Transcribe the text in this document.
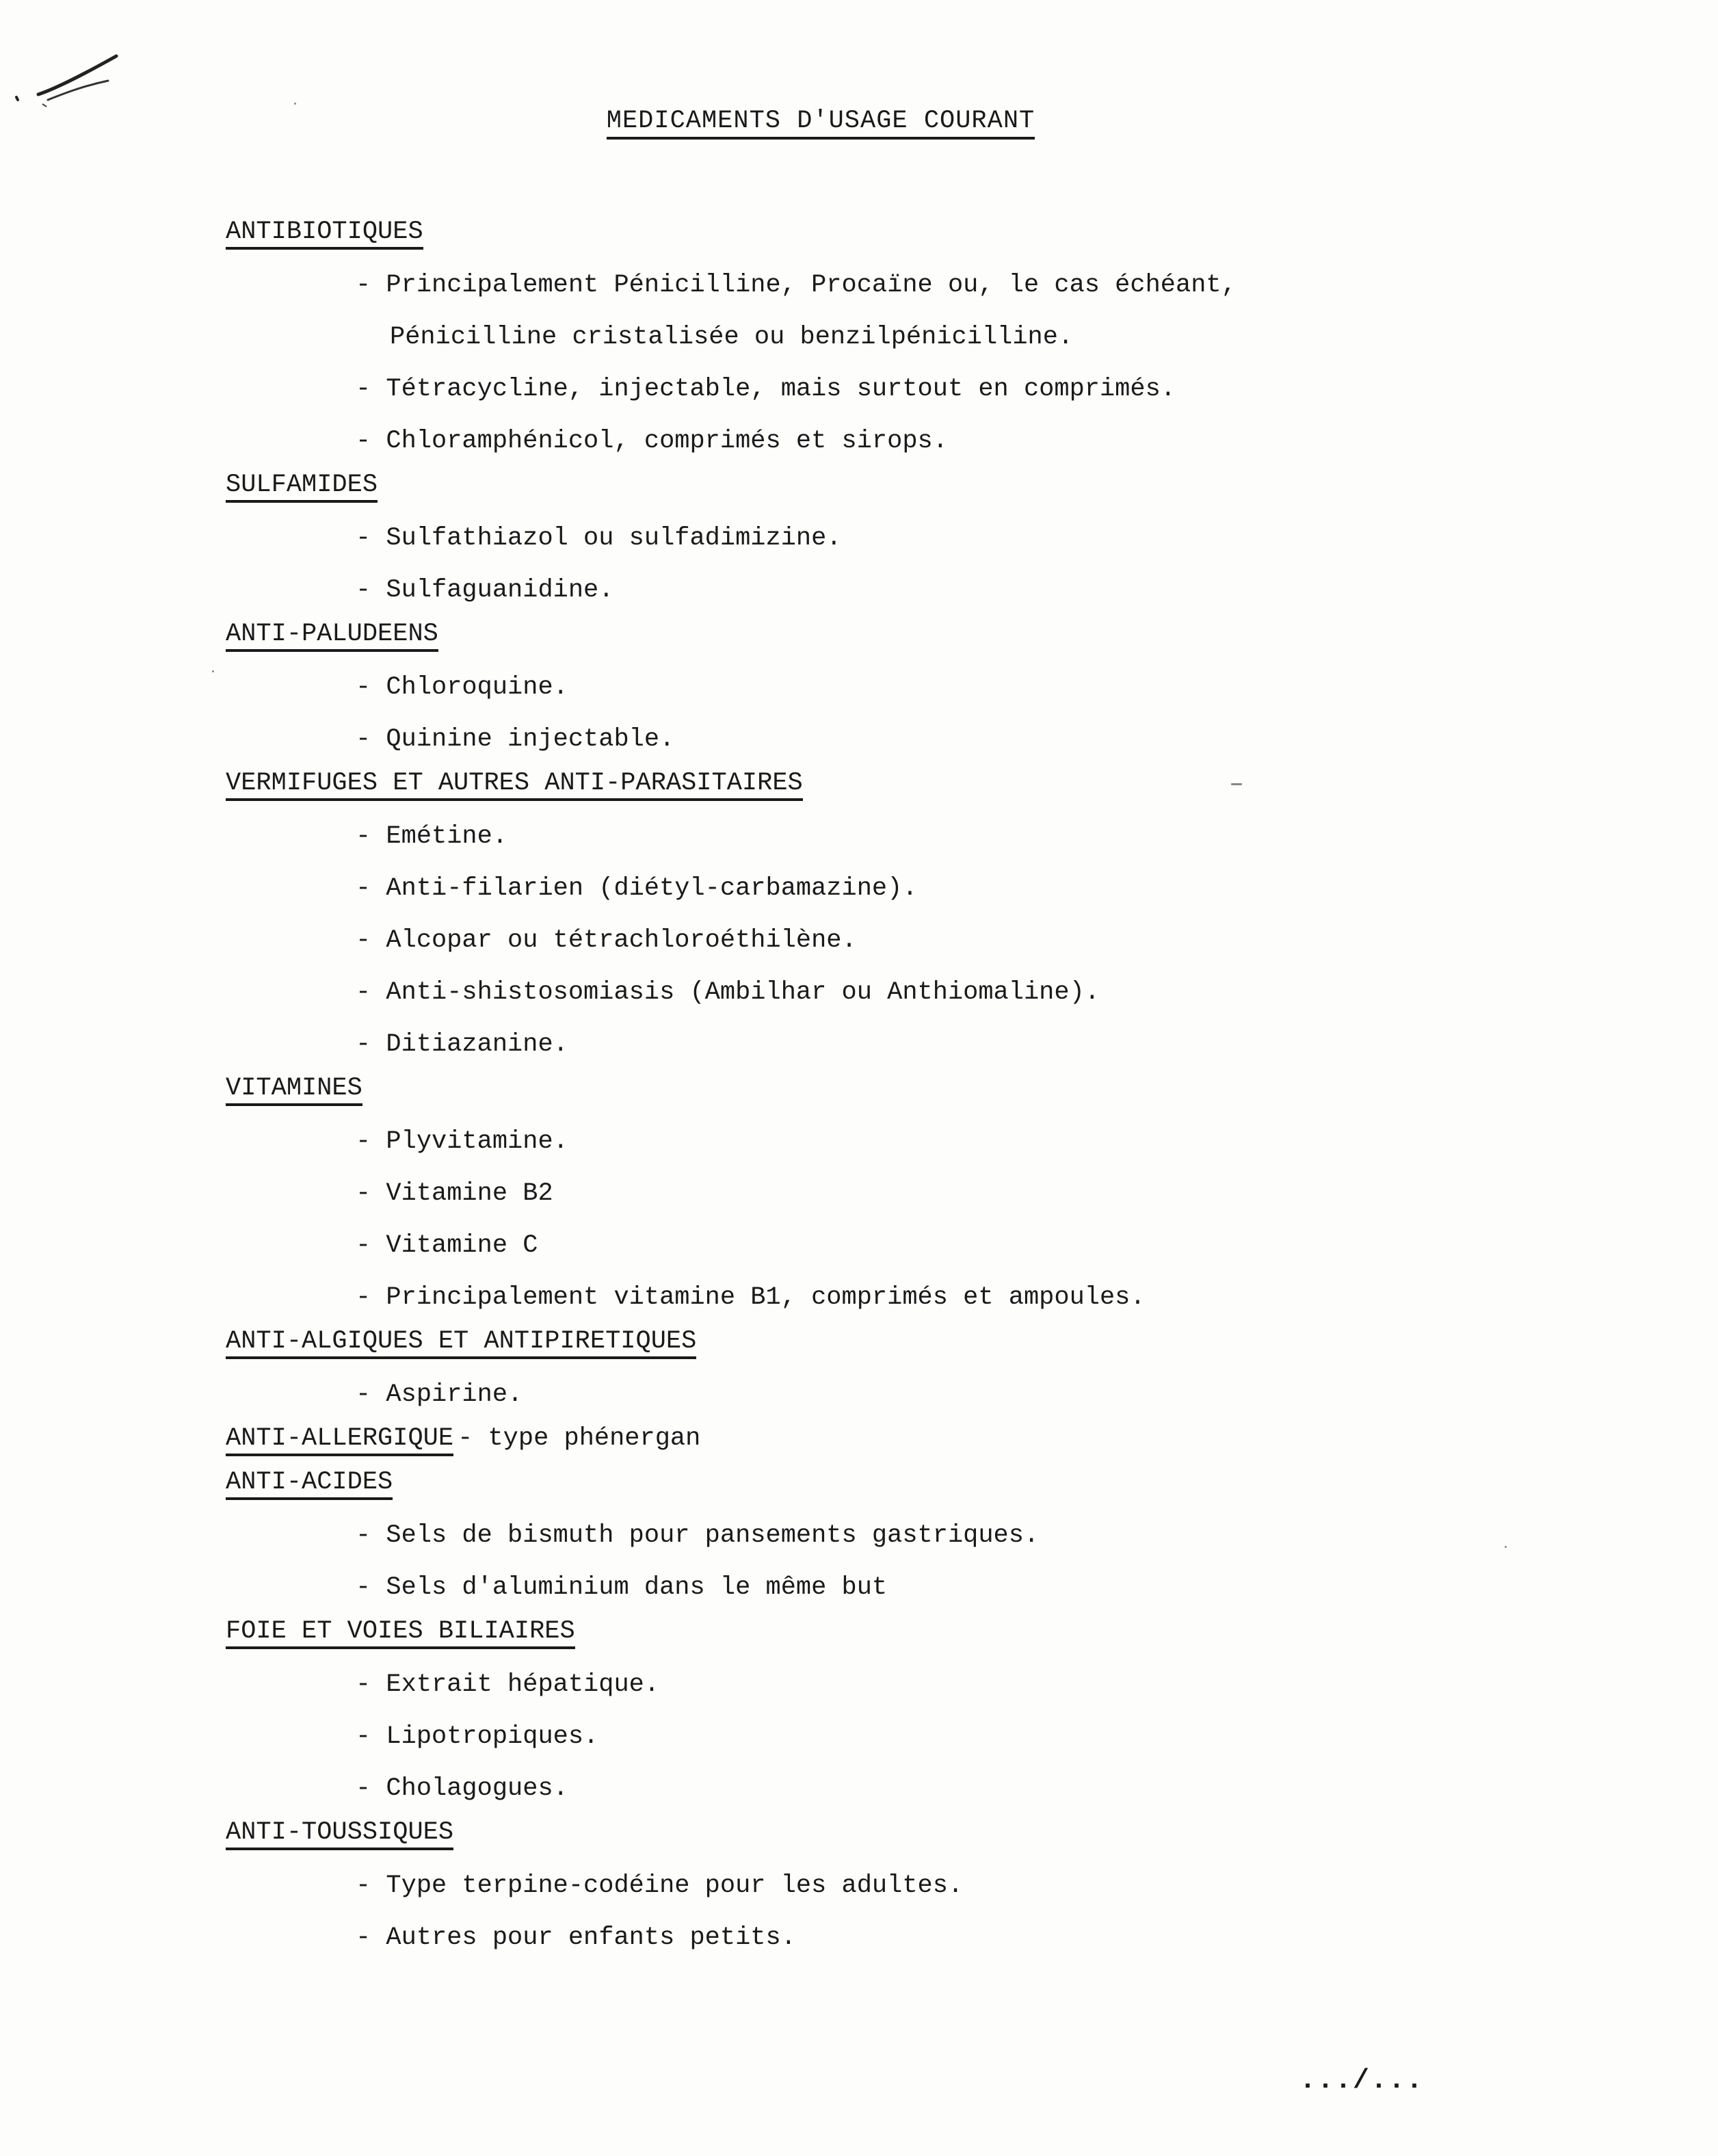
MEDICAMENTS D'USAGE COURANT
ANTIBIOTIQUES
- Principalement Pénicilline, Procaïne ou, le cas échéant,
Pénicilline cristalisée ou benzilpénicilline.
- Tétracycline, injectable, mais surtout en comprimés.
- Chloramphénicol, comprimés et sirops.
SULFAMIDES
- Sulfathiazol ou sulfadimizine.
- Sulfaguanidine.
ANTI-PALUDEENS
- Chloroquine.
- Quinine injectable.
VERMIFUGES ET AUTRES ANTI-PARASITAIRES
- Emétine.
- Anti-filarien (diétyl-carbamazine).
- Alcopar ou tétrachloroéthilène.
- Anti-shistosomiasis (Ambilhar ou Anthiomaline).
- Ditiazanine.
VITAMINES
- Plyvitamine.
- Vitamine B2
- Vitamine C
- Principalement vitamine B1, comprimés et ampoules.
ANTI-ALGIQUES ET ANTIPIRETIQUES
- Aspirine.
ANTI-ALLERGIQUE - type phénergan
ANTI-ACIDES
- Sels de bismuth pour pansements gastriques.
- Sels d'aluminium dans le même but
FOIE ET VOIES BILIAIRES
- Extrait hépatique.
- Lipotropiques.
- Cholagogues.
ANTI-TOUSSIQUES
- Type terpine-codéine pour les adultes.
- Autres pour enfants petits.
.../...
